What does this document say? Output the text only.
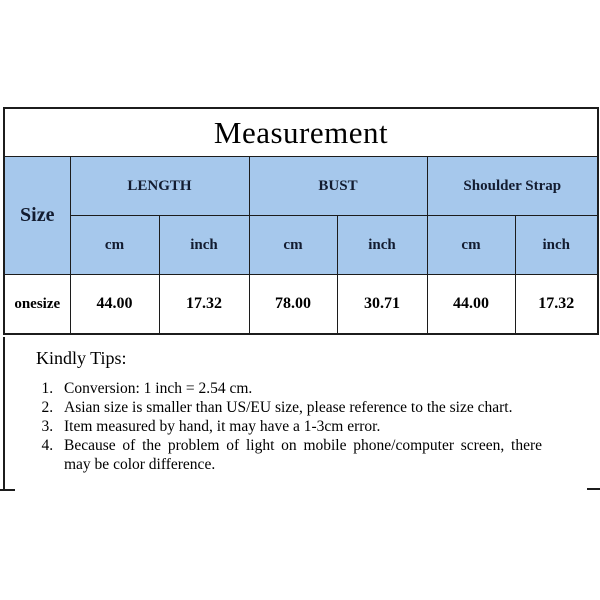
Measurement						
Size	LENGTH		BUST		Shoulder Strap	
	cm	inch	cm	inch	cm	inch
onesize	44.00	17.32	78.00	30.71	44.00	17.32
Kindly Tips:
1. Conversion: 1 inch = 2.54 cm.
2. Asian size is smaller than US/EU size, please reference to the size chart.
3. Item measured by hand, it may have a 1-3cm error.
4. Because of the problem of light on mobile phone/computer screen, there may be color difference.
